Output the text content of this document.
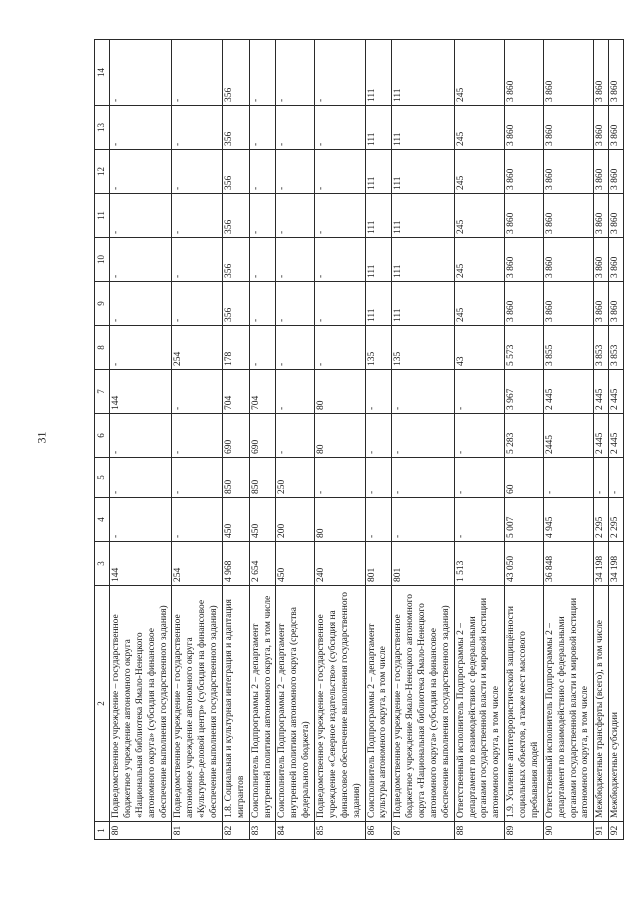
31
1	2	3	4	5	6	7	8	9	10	11	12	13	14
80	Подведомственное учреждение – государственное бюджетное учреждение автономного округа «Национальная библиотека Ямало-Ненецкого автономного округа» (субсидия на финансовое обеспечение выполнения государственного задания)	144	-	-	-	144	-	-	-	-	-	-	-
81	Подведомственное учреждение – государственное автономное учреждение автономного округа «Культурно-деловой центр» (субсидия на финансовое обеспечение выполнения государственного задания)	254	-	-	-	-	254	-	-	-	-	-	-
82	1.8. Социальная и культурная интеграция и адаптация мигрантов	4 968	450	850	690	704	178	356	356	356	356	356	356
83	Соисполнитель Подпрограммы 2 – департамент внутренней политики автономного округа, в том числе	2 654	450	850	690	704	-	-	-	-	-	-	-
84	Соисполнитель Подпрограммы 2 – департамент внутренней политики автономного округа (средства федерального бюджета)	450	200	250	-	-	-	-	-	-	-	-	-
85	Подведомственное учреждение – государственное учреждение «Северное издательство» (субсидия на финансовое обеспечение выполнения государственного задания)	240	80	-	80	80	-	-	-	-	-	-	-
86	Соисполнитель Подпрограммы 2 – департамент культуры автономного округа, в том числе	801	-	-	-	-	135	111	111	111	111	111	111
87	Подведомственное учреждение – государственное бюджетное учреждение Ямало-Ненецкого автономного округа «Национальная библиотека Ямало-Ненецкого автономного округа» (субсидия на финансовое обеспечение выполнения государственного задания)	801	-	-	-	-	135	111	111	111	111	111	111
88	Ответственный исполнитель Подпрограммы 2 – департамент по взаимодействию с федеральными органами государственной власти и мировой юстиции автономного округа, в том числе	1 513	-	-	-	-	43	245	245	245	245	245	245
89	1.9. Усиление антитеррористической защищённости социальных объектов, а также мест массового пребывания людей	43 050	5 007	60	5 283	3 967	5 573	3 860	3 860	3 860	3 860	3 860	3 860
90	Ответственный исполнитель Подпрограммы 2 – департамент по взаимодействию с федеральными органами государственной власти и мировой юстиции автономного округа, в том числе	36 848	4 945	-	2445	2 445	3 855	3 860	3 860	3 860	3 860	3 860	3 860
91	Межбюджетные трансферты (всего), в том числе	34 198	2 295	-	2 445	2 445	3 853	3 860	3 860	3 860	3 860	3 860	3 860
92	Межбюджетные субсидии	34 198	2 295	-	2 445	2 445	3 853	3 860	3 860	3 860	3 860	3 860	3 860
